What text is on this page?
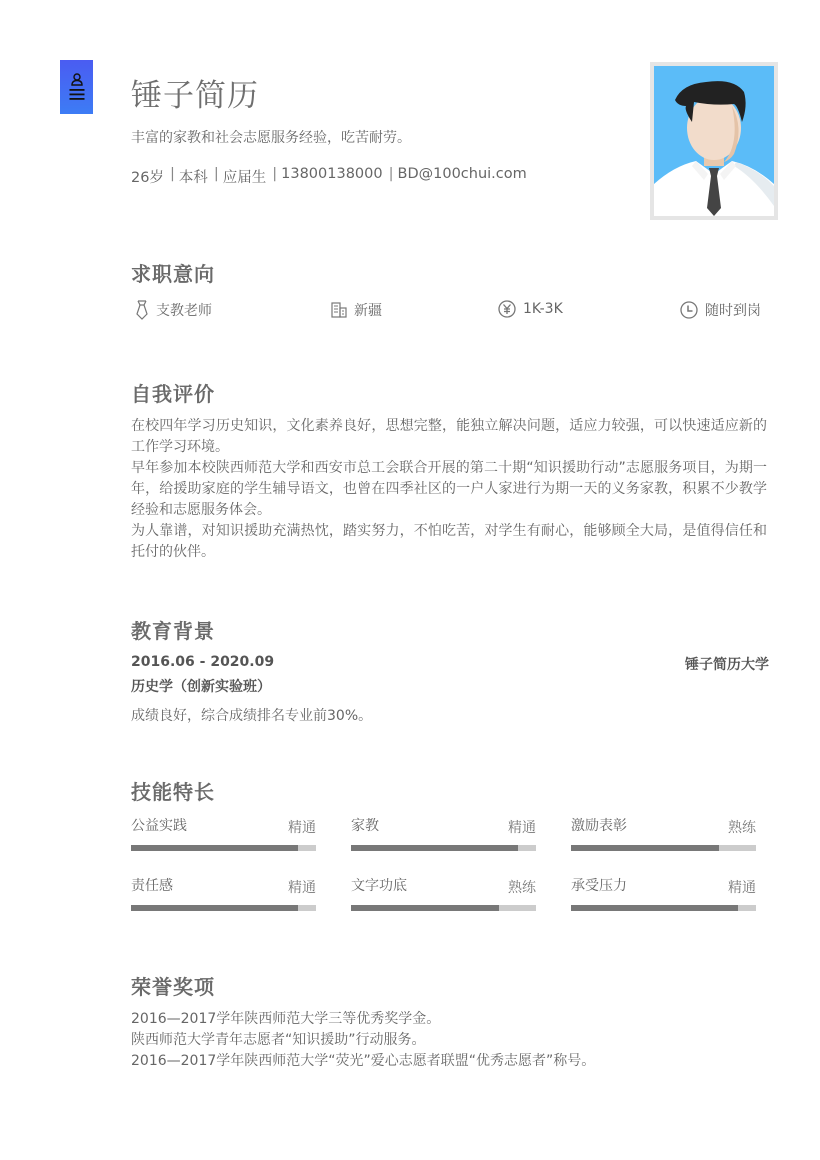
锤子简历
丰富的家教和社会志愿服务经验，吃苦耐劳。
26岁 | 本科 | 应届生 | 13800138000 | BD@100chui.com
求职意向
支教老师	新疆	1K-3K	随时到岗
自我评价

在校四年学习历史知识，文化素养良好，思想完整，能独立解决问题，适应力较强，可以快速适应新的工作学习环境。

早年参加本校陕西师范大学和西安市总工会联合开展的第二十期“知识援助行动”志愿服务项目，为期一年，给援助家庭的学生辅导语文，也曾在四季社区的一户人家进行为期一天的义务家教，积累不少教学经验和志愿服务体会。

为人靠谱，对知识援助充满热忱，踏实努力，不怕吃苦，对学生有耐心，能够顾全大局，是值得信任和托付的伙伴。

教育背景
2016.06 - 2020.09	锤子简历大学
历史学（创新实验班）
成绩良好，综合成绩排名专业前30%。
技能特长
公益实践	精通	家教	精通	激励表彰	熟练
责任感	精通	文字功底	熟练	承受压力	精通
荣誉奖项
2016—2017学年陕西师范大学三等优秀奖学金。
陕西师范大学青年志愿者“知识援助”行动服务。
2016—2017学年陕西师范大学“荧光”爱心志愿者联盟“优秀志愿者”称号。
